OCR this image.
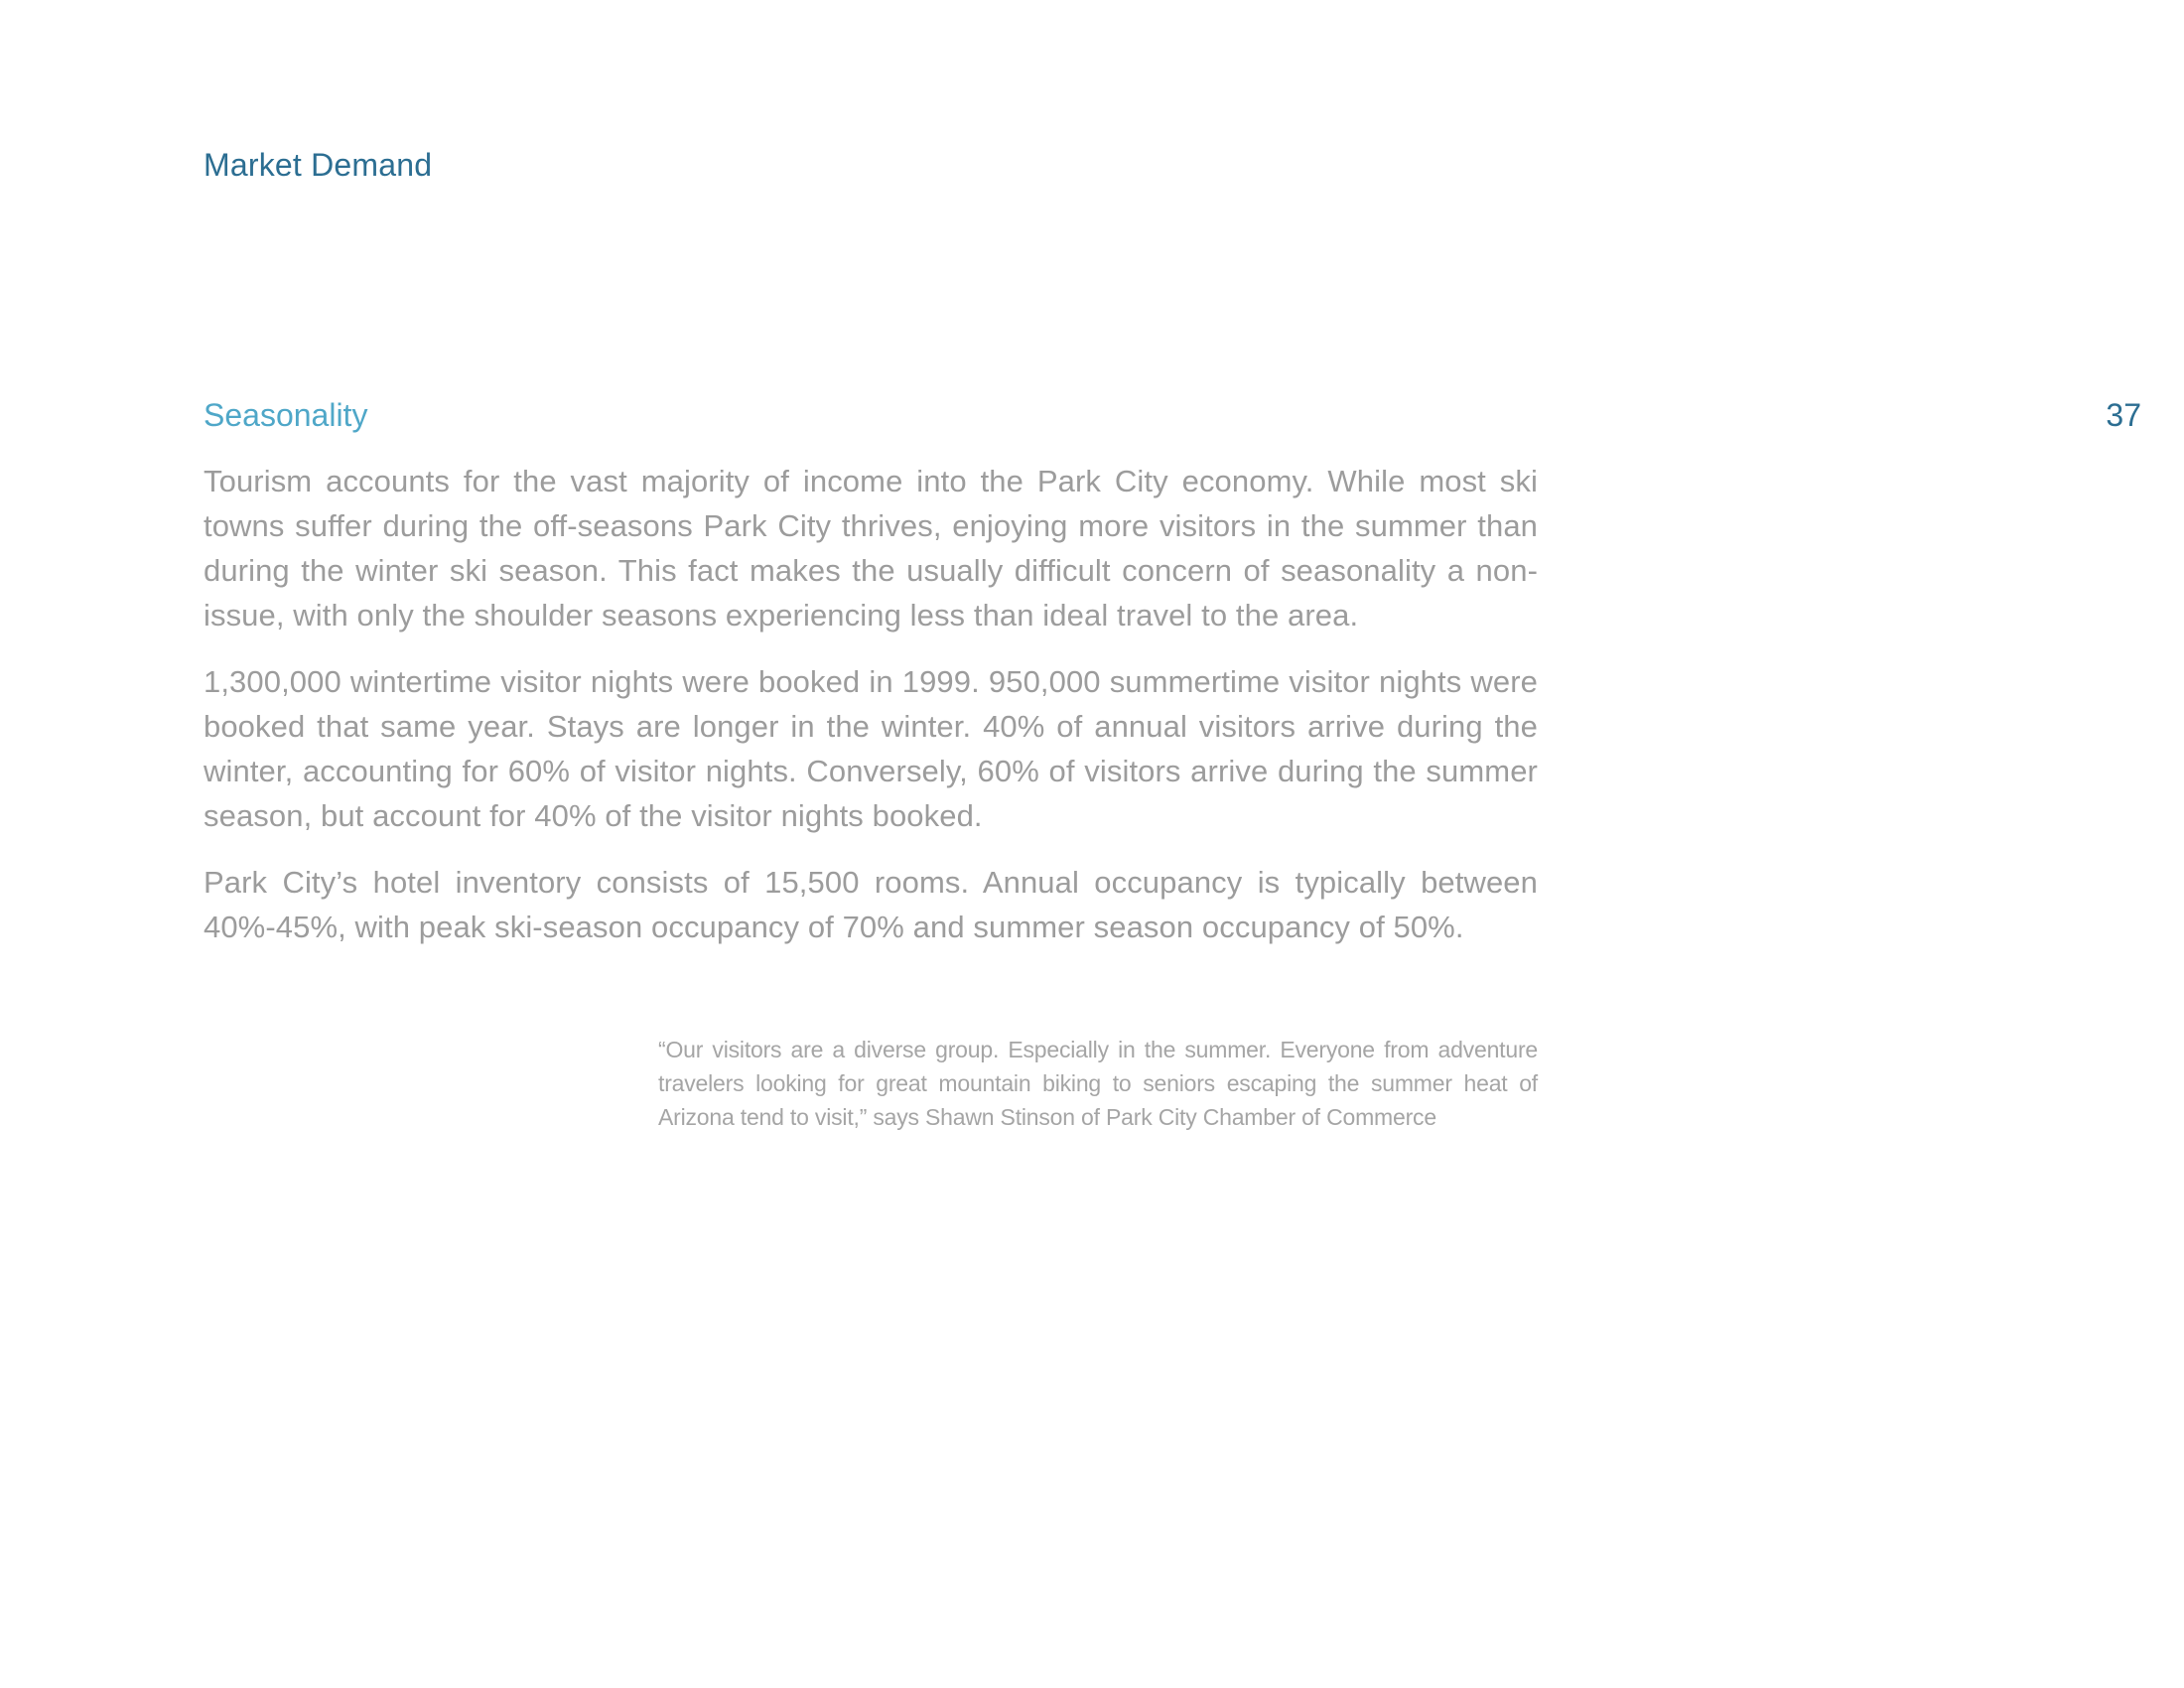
Market Demand
Seasonality	37

Tourism accounts for the vast majority of income into the Park City economy. While most ski towns suffer during the off-seasons Park City thrives, enjoying more visitors in the summer than during the winter ski season. This fact makes the usually difficult concern of seasonality a non-issue, with only the shoulder seasons experiencing less than ideal travel to the area.

1,300,000 wintertime visitor nights were booked in 1999. 950,000 summertime visitor nights were booked that same year. Stays are longer in the winter. 40% of annual visitors arrive during the winter, accounting for 60% of visitor nights. Conversely, 60% of visitors arrive during the summer season, but account for 40% of the visitor nights booked.

Park City’s hotel inventory consists of 15,500 rooms. Annual occupancy is typically between 40%-45%, with peak ski-season occupancy of 70% and summer season occupancy of 50%.

“Our visitors are a diverse group. Especially in the summer. Everyone from adventure travelers looking for great mountain biking to seniors escaping the summer heat of Arizona tend to visit,” says Shawn Stinson of Park City Chamber of Commerce
